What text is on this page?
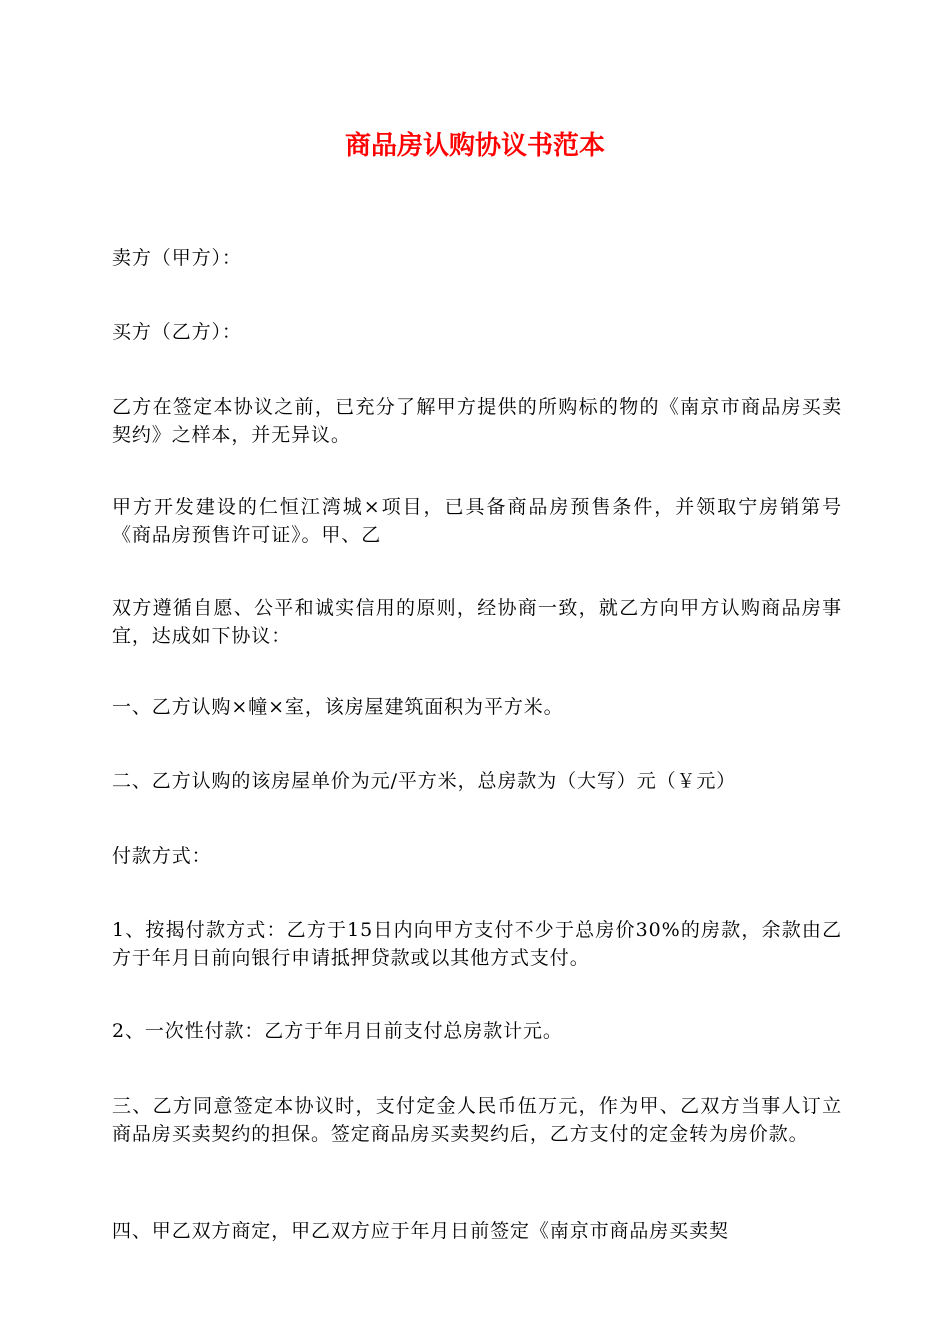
商品房认购协议书范本

卖方（甲方）：

买方（乙方）：

乙方在签定本协议之前，已充分了解甲方提供的所购标的物的《南京市商品房买卖契约》之样本，并无异议。

甲方开发建设的仁恒江湾城×项目，已具备商品房预售条件，并领取宁房销第号《商品房预售许可证》。甲、乙

双方遵循自愿、公平和诚实信用的原则，经协商一致，就乙方向甲方认购商品房事宜，达成如下协议：

一、乙方认购×幢×室，该房屋建筑面积为平方米。

二、乙方认购的该房屋单价为元/平方米，总房款为（大写）元（￥元）

付款方式：

1、按揭付款方式：乙方于15日内向甲方支付不少于总房价30%的房款，余款由乙方于年月日前向银行申请抵押贷款或以其他方式支付。

2、一次性付款：乙方于年月日前支付总房款计元。

三、乙方同意签定本协议时，支付定金人民币伍万元，作为甲、乙双方当事人订立商品房买卖契约的担保。签定商品房买卖契约后，乙方支付的定金转为房价款。

四、甲乙双方商定，甲乙双方应于年月日前签定《南京市商品房买卖契
